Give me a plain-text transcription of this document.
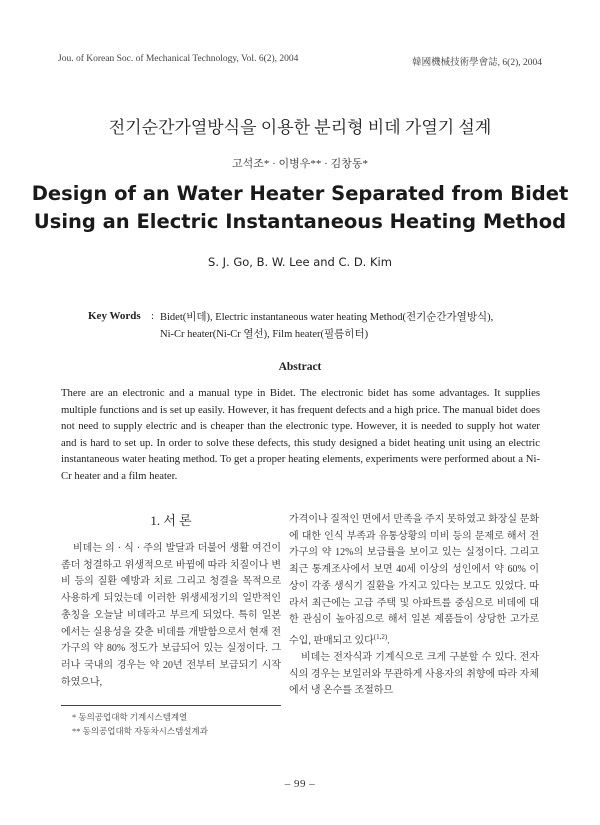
Jou. of Korean Soc. of Mechanical Technology, Vol. 6(2), 2004	韓國機械技術學會誌, 6(2), 2004
전기순간가열방식을 이용한 분리형 비데 가열기 설계
고석조* · 이병우** · 김창동*
Design of an Water Heater Separated from Bidet
Using an Electric Instantaneous Heating Method
S. J. Go, B. W. Lee and C. D. Kim
Key Words : Bidet(비데), Electric instantaneous water heating Method(전기순간가열방식),
Ni-Cr heater(Ni-Cr 열선), Film heater(필름히터)
Abstract

There are an electronic and a manual type in Bidet. The electronic bidet has some advantages. It supplies multiple functions and is set up easily. However, it has frequent defects and a high price. The manual bidet does not need to supply electric and is cheaper than the electronic type. However, it is needed to supply hot water and is hard to set up. In order to solve these defects, this study designed a bidet heating unit using an electric instantaneous water heating method. To get a proper heating elements, experiments were performed about a Ni-Cr heater and a film heater.

1. 서 론

비데는 의 · 식 · 주의 발달과 더불어 생활 여건이 좀더 청결하고 위생적으로 바뀜에 따라 치질이나 변비 등의 질환 예방과 치료 그리고 청결을 목적으로 사용하게 되었는데 이러한 위생세정기의 일반적인 총칭을 오늘날 비데라고 부르게 되었다. 특히 일본에서는 실용성을 갖춘 비데를 개발함으로서 현재 전 가구의 약 80% 정도가 보급되어 있는 실정이다. 그러나 국내의 경우는 약 20년 전부터 보급되기 시작하였으나,

가격이나 질적인 면에서 만족을 주지 못하였고 화장실 문화에 대한 인식 부족과 유통상황의 미비 등의 문제로 해서 전 가구의 약 12%의 보급률을 보이고 있는 실정이다. 그리고 최근 통계조사에서 보면 40세 이상의 성인에서 약 60% 이상이 각종 생식기 질환을 가지고 있다는 보고도 있었다. 따라서 최근에는 고급 주택 및 아파트를 중심으로 비데에 대한 관심이 높아짐으로 해서 일본 제품들이 상당한 고가로 수입, 판매되고 있다$^{(1,2)}$.

비데는 전자식과 기계식으로 크게 구분할 수 있다. 전자식의 경우는 보일러와 무관하게 사용자의 취향에 따라 자체에서 냉 온수를 조절하므

* 동의공업대학 기계시스템계열
** 동의공업대학 자동차시스템설계과
– 99 –
